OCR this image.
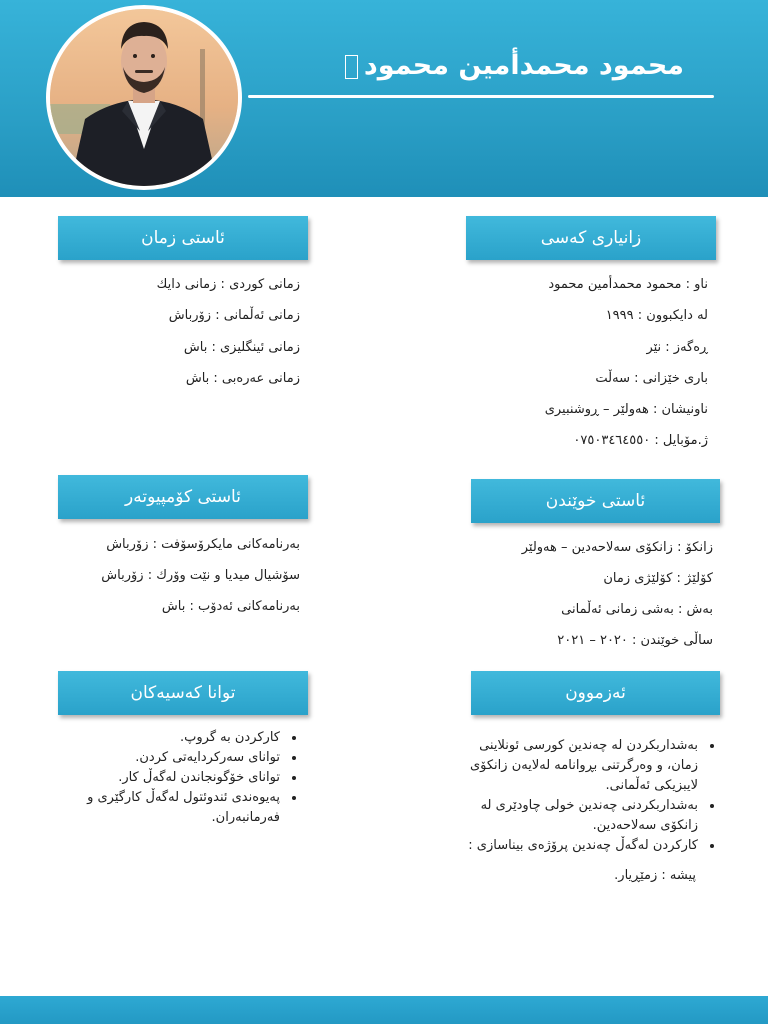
محمود محمدأمين محمود
زانیاری کەسی
ناو : محمود محمدأمين محمود
لە دایکبوون : ١٩٩٩
ڕەگەز : نێر
باری خێزانی : سەڵت
ناونیشان : هەولێر – ڕوشنبیری
ژ.مۆبایل : ٠٧٥٠٣٤٦٤٥٥٠
ئاستی زمان
زمانی کوردی : زمانی دایك
زمانی ئەڵمانی : زۆرباش
زمانی ئینگلیزی : باش
زمانی عەرەبی : باش
ئاستی خوێندن
زانکۆ : زانکۆی سەلاحەدین – هەولێر
کۆلێژ : کۆلێژی زمان
بەش : بەشی زمانی ئەڵمانی
ساڵی خوێندن : ٢٠٢٠ – ٢٠٢١
ئاستی کۆمپیوتەر
بەرنامەکانی مایکرۆسۆفت : زۆرباش
سۆشیال میدیا و نێت وۆرك : زۆرباش
بەرنامەکانی ئەدۆب : باش
توانا کەسیەکان
• کارکردن بە گروپ.
• توانای سەرکردایەتی کردن.
• توانای خۆگونجاندن لەگەڵ کار.
• پەیوەندی ئندوئتول لەگەڵ کارگێری و فەرمانبەران.
ئەزموون
• بەشداربکردن لە چەندین کورسی ئونلاینی زمان، و وەرگرتنی بڕوانامە لەلایەن زانکۆی لایبزیکی ئەڵمانی.
• بەشداربکردنی چەندین خولی چاودێری لە زانکۆی سەلاحەدین.
• کارکردن لەگەڵ چەندین پرۆژەی بیناسازی :
پیشە : زمێڕیار.
